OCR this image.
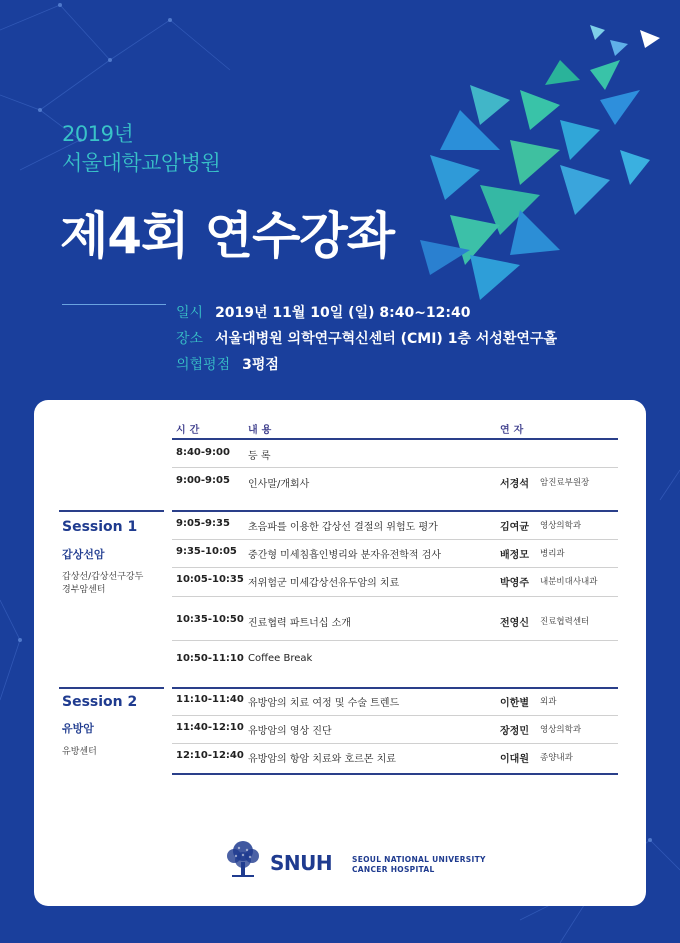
2019년
서울대학교암병원
제4회 연수강좌
일시 2019년 11월 10일 (일) 8:40~12:40
장소 서울대병원 의학연구혁신센터 (CMI) 1층 서성환연구홀
의협평점 3평점
시간	내용	연자
8:40-9:00 등 록
9:00-9:05 인사말/개회사	서경석 암진료부원장
Session 1
갑상선암
갑상선/갑상선구강두
경부암센터
9:05-9:35 초음파를 이용한 갑상선 결절의 위험도 평가	김여균 영상의학과
9:35-10:05 중간형 미세침흡인병리와 분자유전학적 검사	배정모 병리과
10:05-10:35 저위험군 미세갑상선유두암의 치료	박영주 내분비대사내과
10:35-10:50 진료협력 파트너십 소개	전영신 진료협력센터
10:50-11:10 Coffee Break
Session 2
유방암
유방센터
11:10-11:40 유방암의 치료 여정 및 수술 트렌드	이한별 외과
11:40-12:10 유방암의 영상 진단	장정민 영상의학과
12:10-12:40 유방암의 항암 치료와 호르몬 치료	이대원 종양내과
SNUH	SEOUL NATIONAL UNIVERSITY
CANCER HOSPITAL
